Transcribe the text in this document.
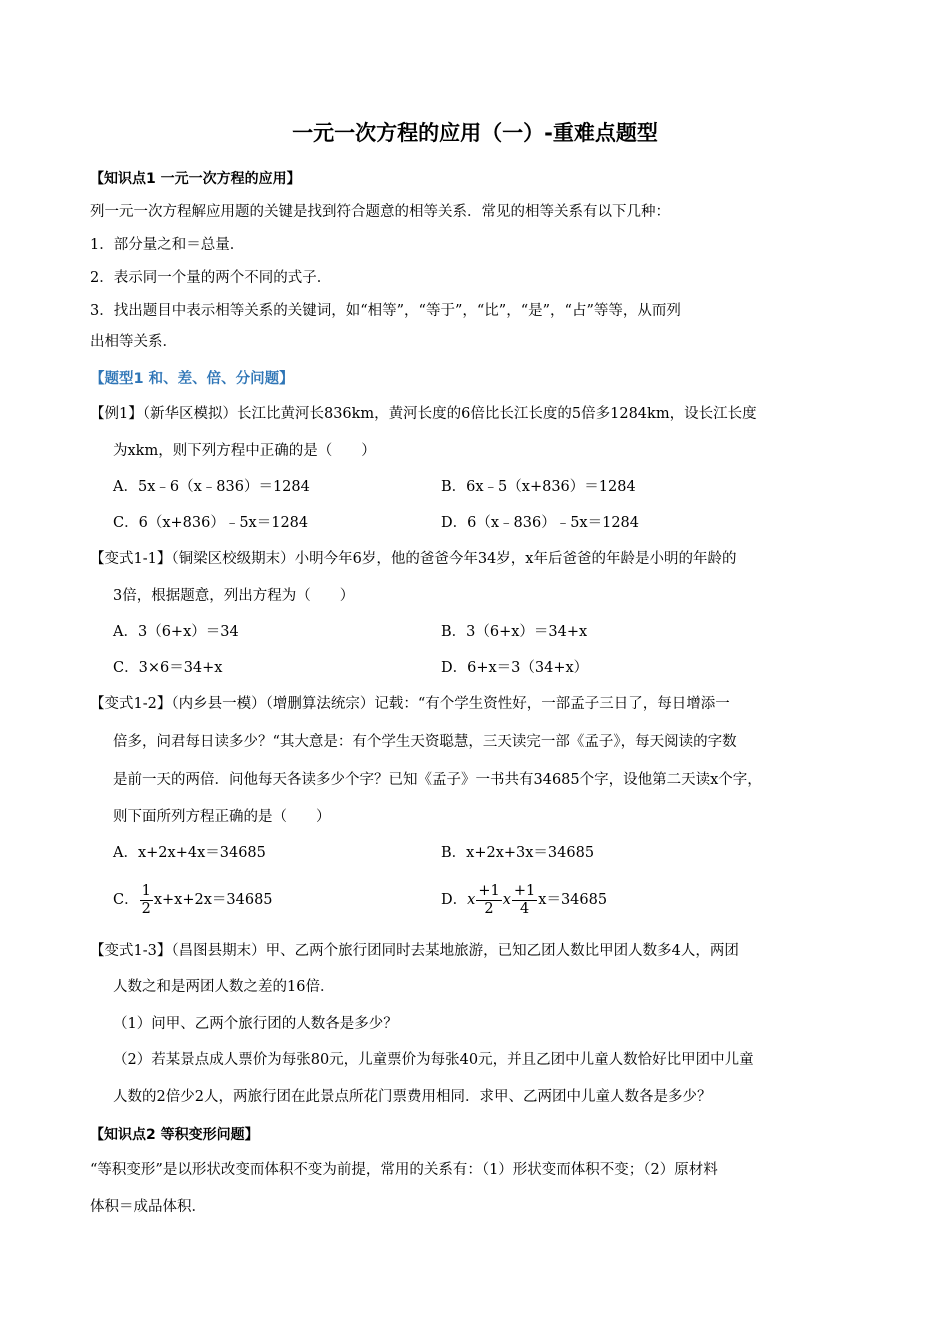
一元一次方程的应用（一）-重难点题型
【知识点1 一元一次方程的应用】
列一元一次方程解应用题的关键是找到符合题意的相等关系．常见的相等关系有以下几种：
1．部分量之和＝总量．
2．表示同一个量的两个不同的式子．
3．找出题目中表示相等关系的关键词，如“相等”，“等于”，“比”，“是”，“占”等等，从而列
出相等关系．
【题型1 和、差、倍、分问题】
【例1】（新华区模拟）长江比黄河长836km，黄河长度的6倍比长江长度的5倍多1284km，设长江长度
为xkm，则下列方程中正确的是（　　）
A．5x﹣6（x﹣836）＝1284	B．6x﹣5（x+836）＝1284
C．6（x+836）﹣5x＝1284	D．6（x﹣836）﹣5x＝1284
【变式1-1】（铜梁区校级期末）小明今年6岁，他的爸爸今年34岁，x年后爸爸的年龄是小明的年龄的
3倍，根据题意，列出方程为（　　）
A．3（6+x）＝34	B．3（6+x）＝34+x
C．3×6＝34+x	D．6+x＝3（34+x）
【变式1-2】（内乡县一模）（增删算法统宗）记载：“有个学生资性好，一部孟子三日了，每日增添一
倍多，问君每日读多少？“其大意是：有个学生天资聪慧，三天读完一部《孟子》，每天阅读的字数
是前一天的两倍．问他每天各读多少个字？已知《孟子》一书共有34685个字，设他第二天读x个字，
则下面所列方程正确的是（　　）
A．x+2x+4x＝34685	B．x+2x+3x＝34685
C． $\frac{1}{2} x+x+2x=34685$	D．x $\frac{+1}{2}$ x $\frac{+1}{4} x=34685$
【变式1-3】（昌图县期末）甲、乙两个旅行团同时去某地旅游，已知乙团人数比甲团人数多4人，两团
人数之和是两团人数之差的16倍．
（1）问甲、乙两个旅行团的人数各是多少？
（2）若某景点成人票价为每张80元，儿童票价为每张40元，并且乙团中儿童人数恰好比甲团中儿童
人数的2倍少2人，两旅行团在此景点所花门票费用相同．求甲、乙两团中儿童人数各是多少？
【知识点2 等积变形问题】
“等积变形”是以形状改变而体积不变为前提，常用的关系有：（1）形状变而体积不变；（2）原材料
体积＝成品体积．
